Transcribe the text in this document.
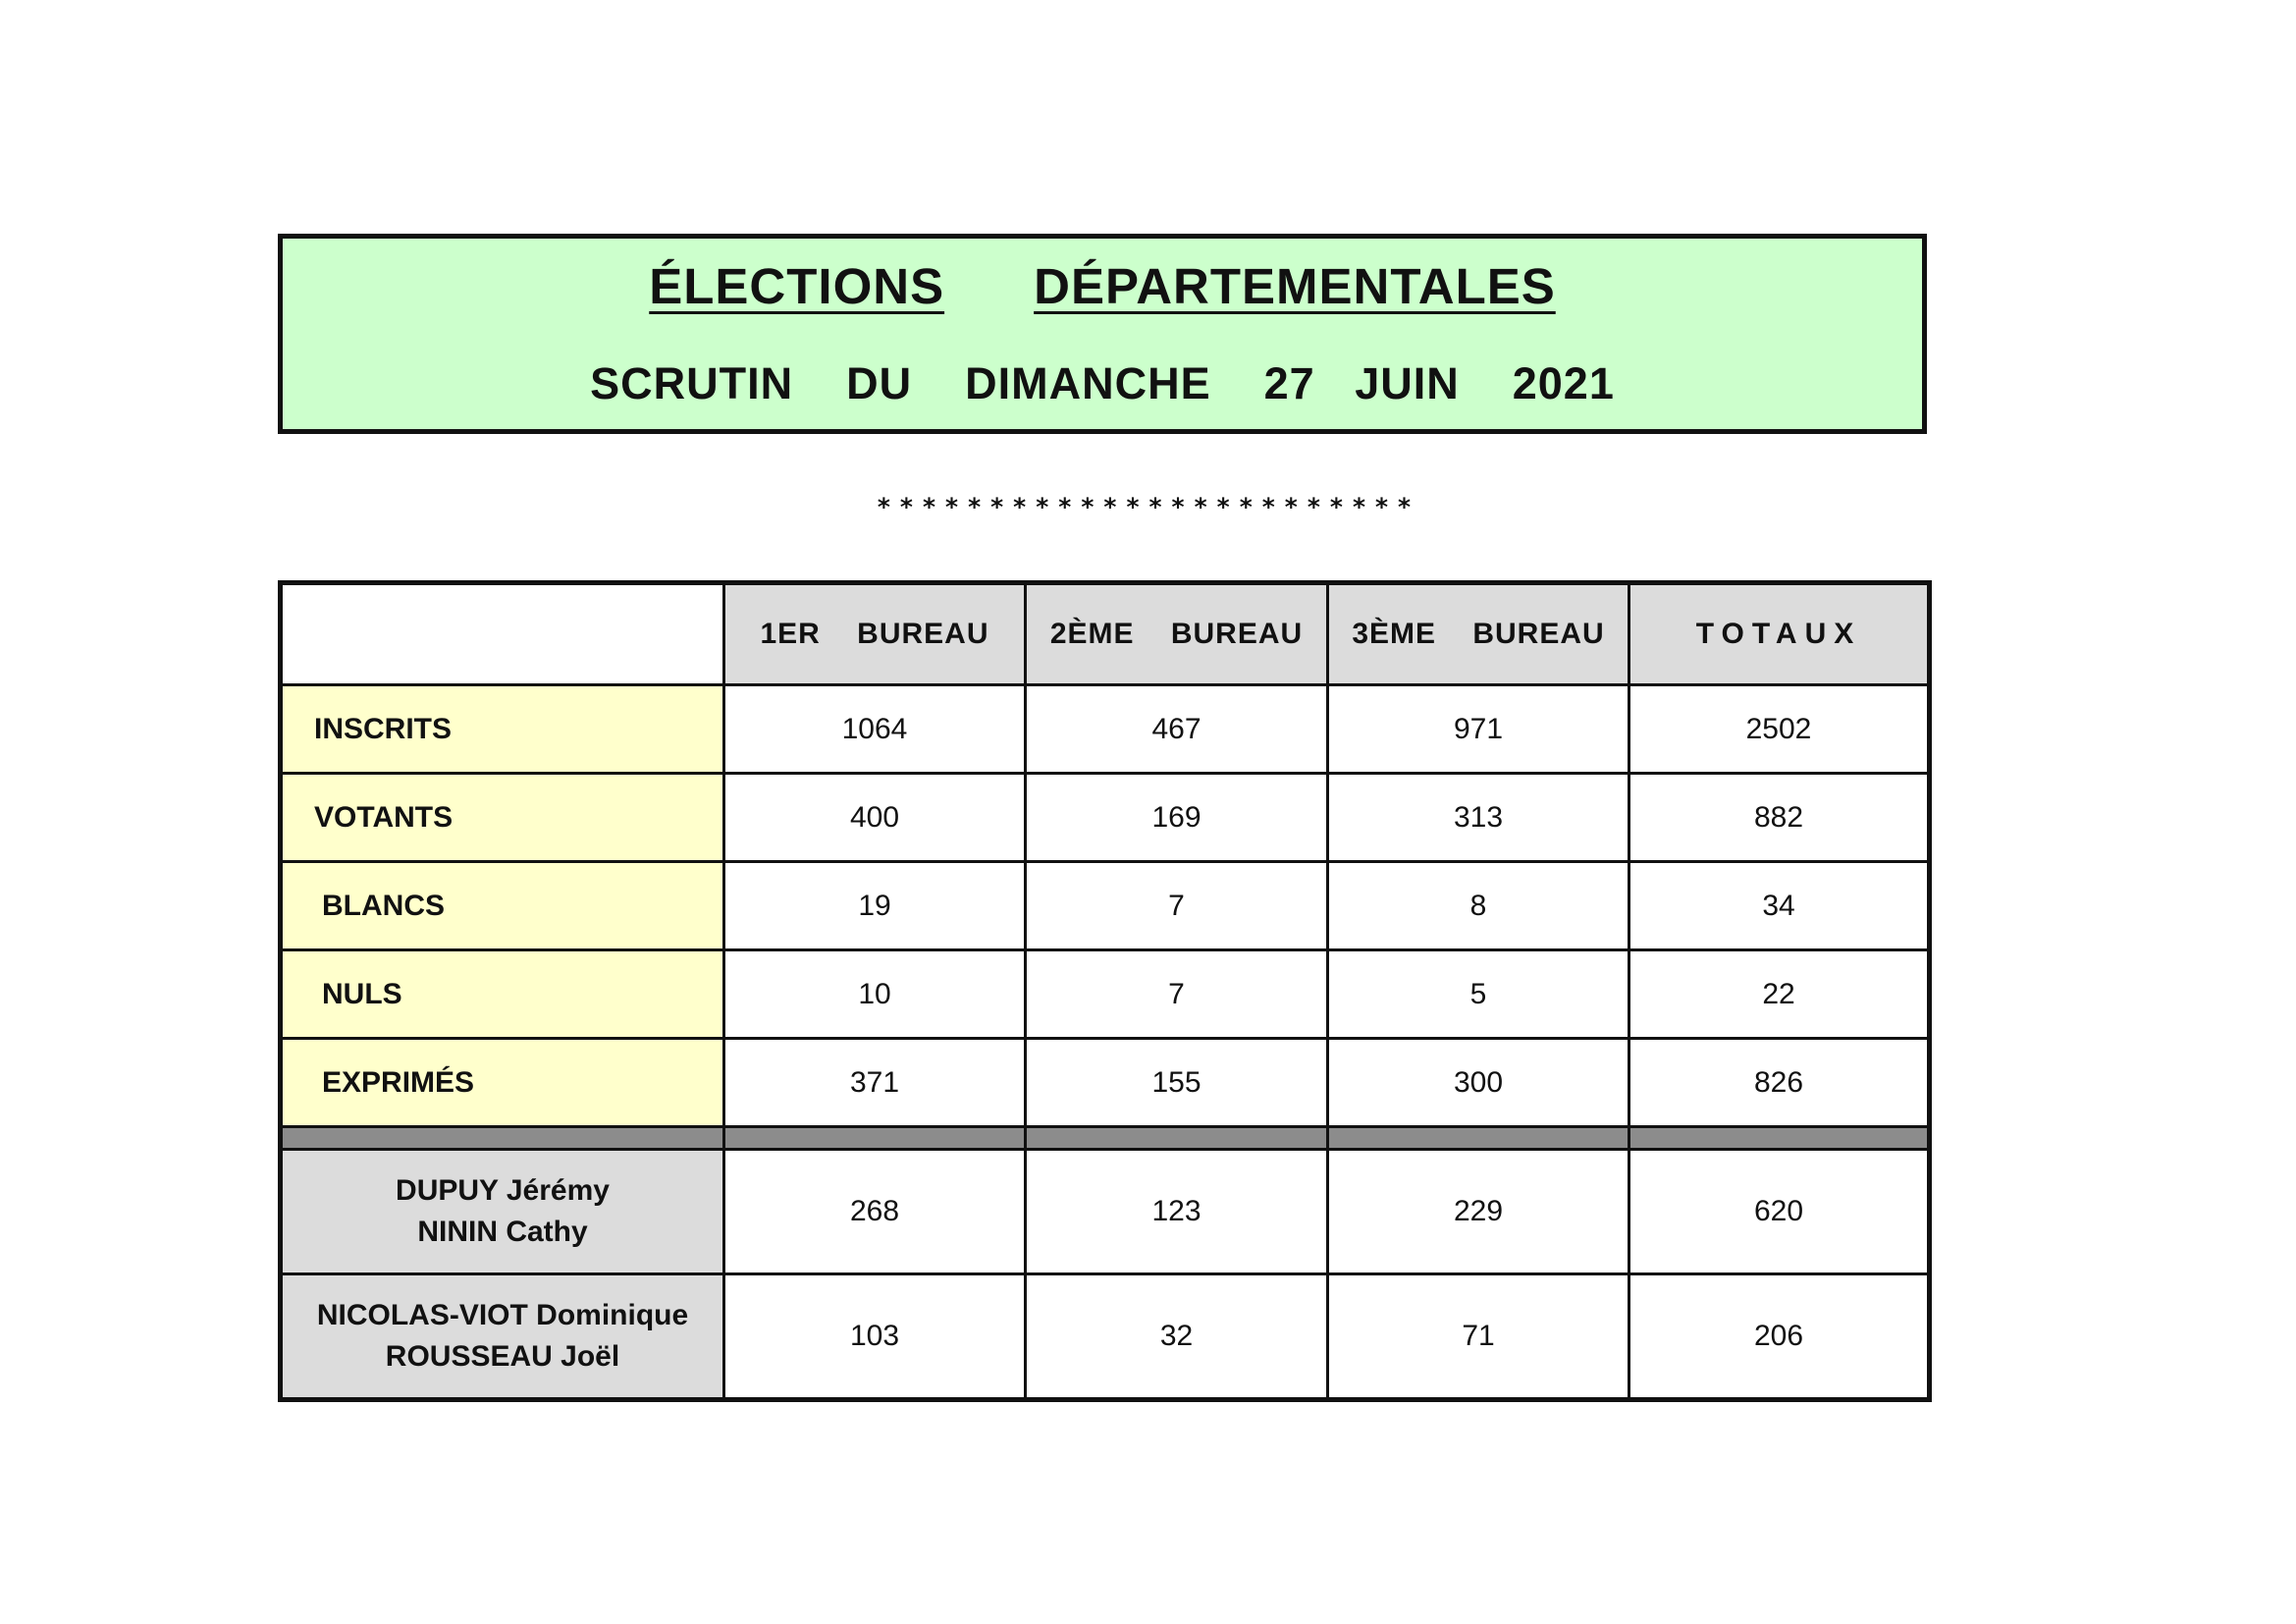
ÉLECTIONS DÉPARTEMENTALES
SCRUTIN    DU    DIMANCHE    27   JUIN    2021
************************
	1ER    BUREAU	2ÈME    BUREAU	3ÈME    BUREAU	TOTAUX
INSCRITS	1064	467	971	2502
VOTANTS	400	169	313	882
BLANCS	19	7	8	34
NULS	10	7	5	22
EXPRIMÉS	371	155	300	826

DUPUY Jérémy
NININ Cathy	268	123	229	620

NICOLAS-VIOT Dominique
ROUSSEAU Joël	103	32	71	206
